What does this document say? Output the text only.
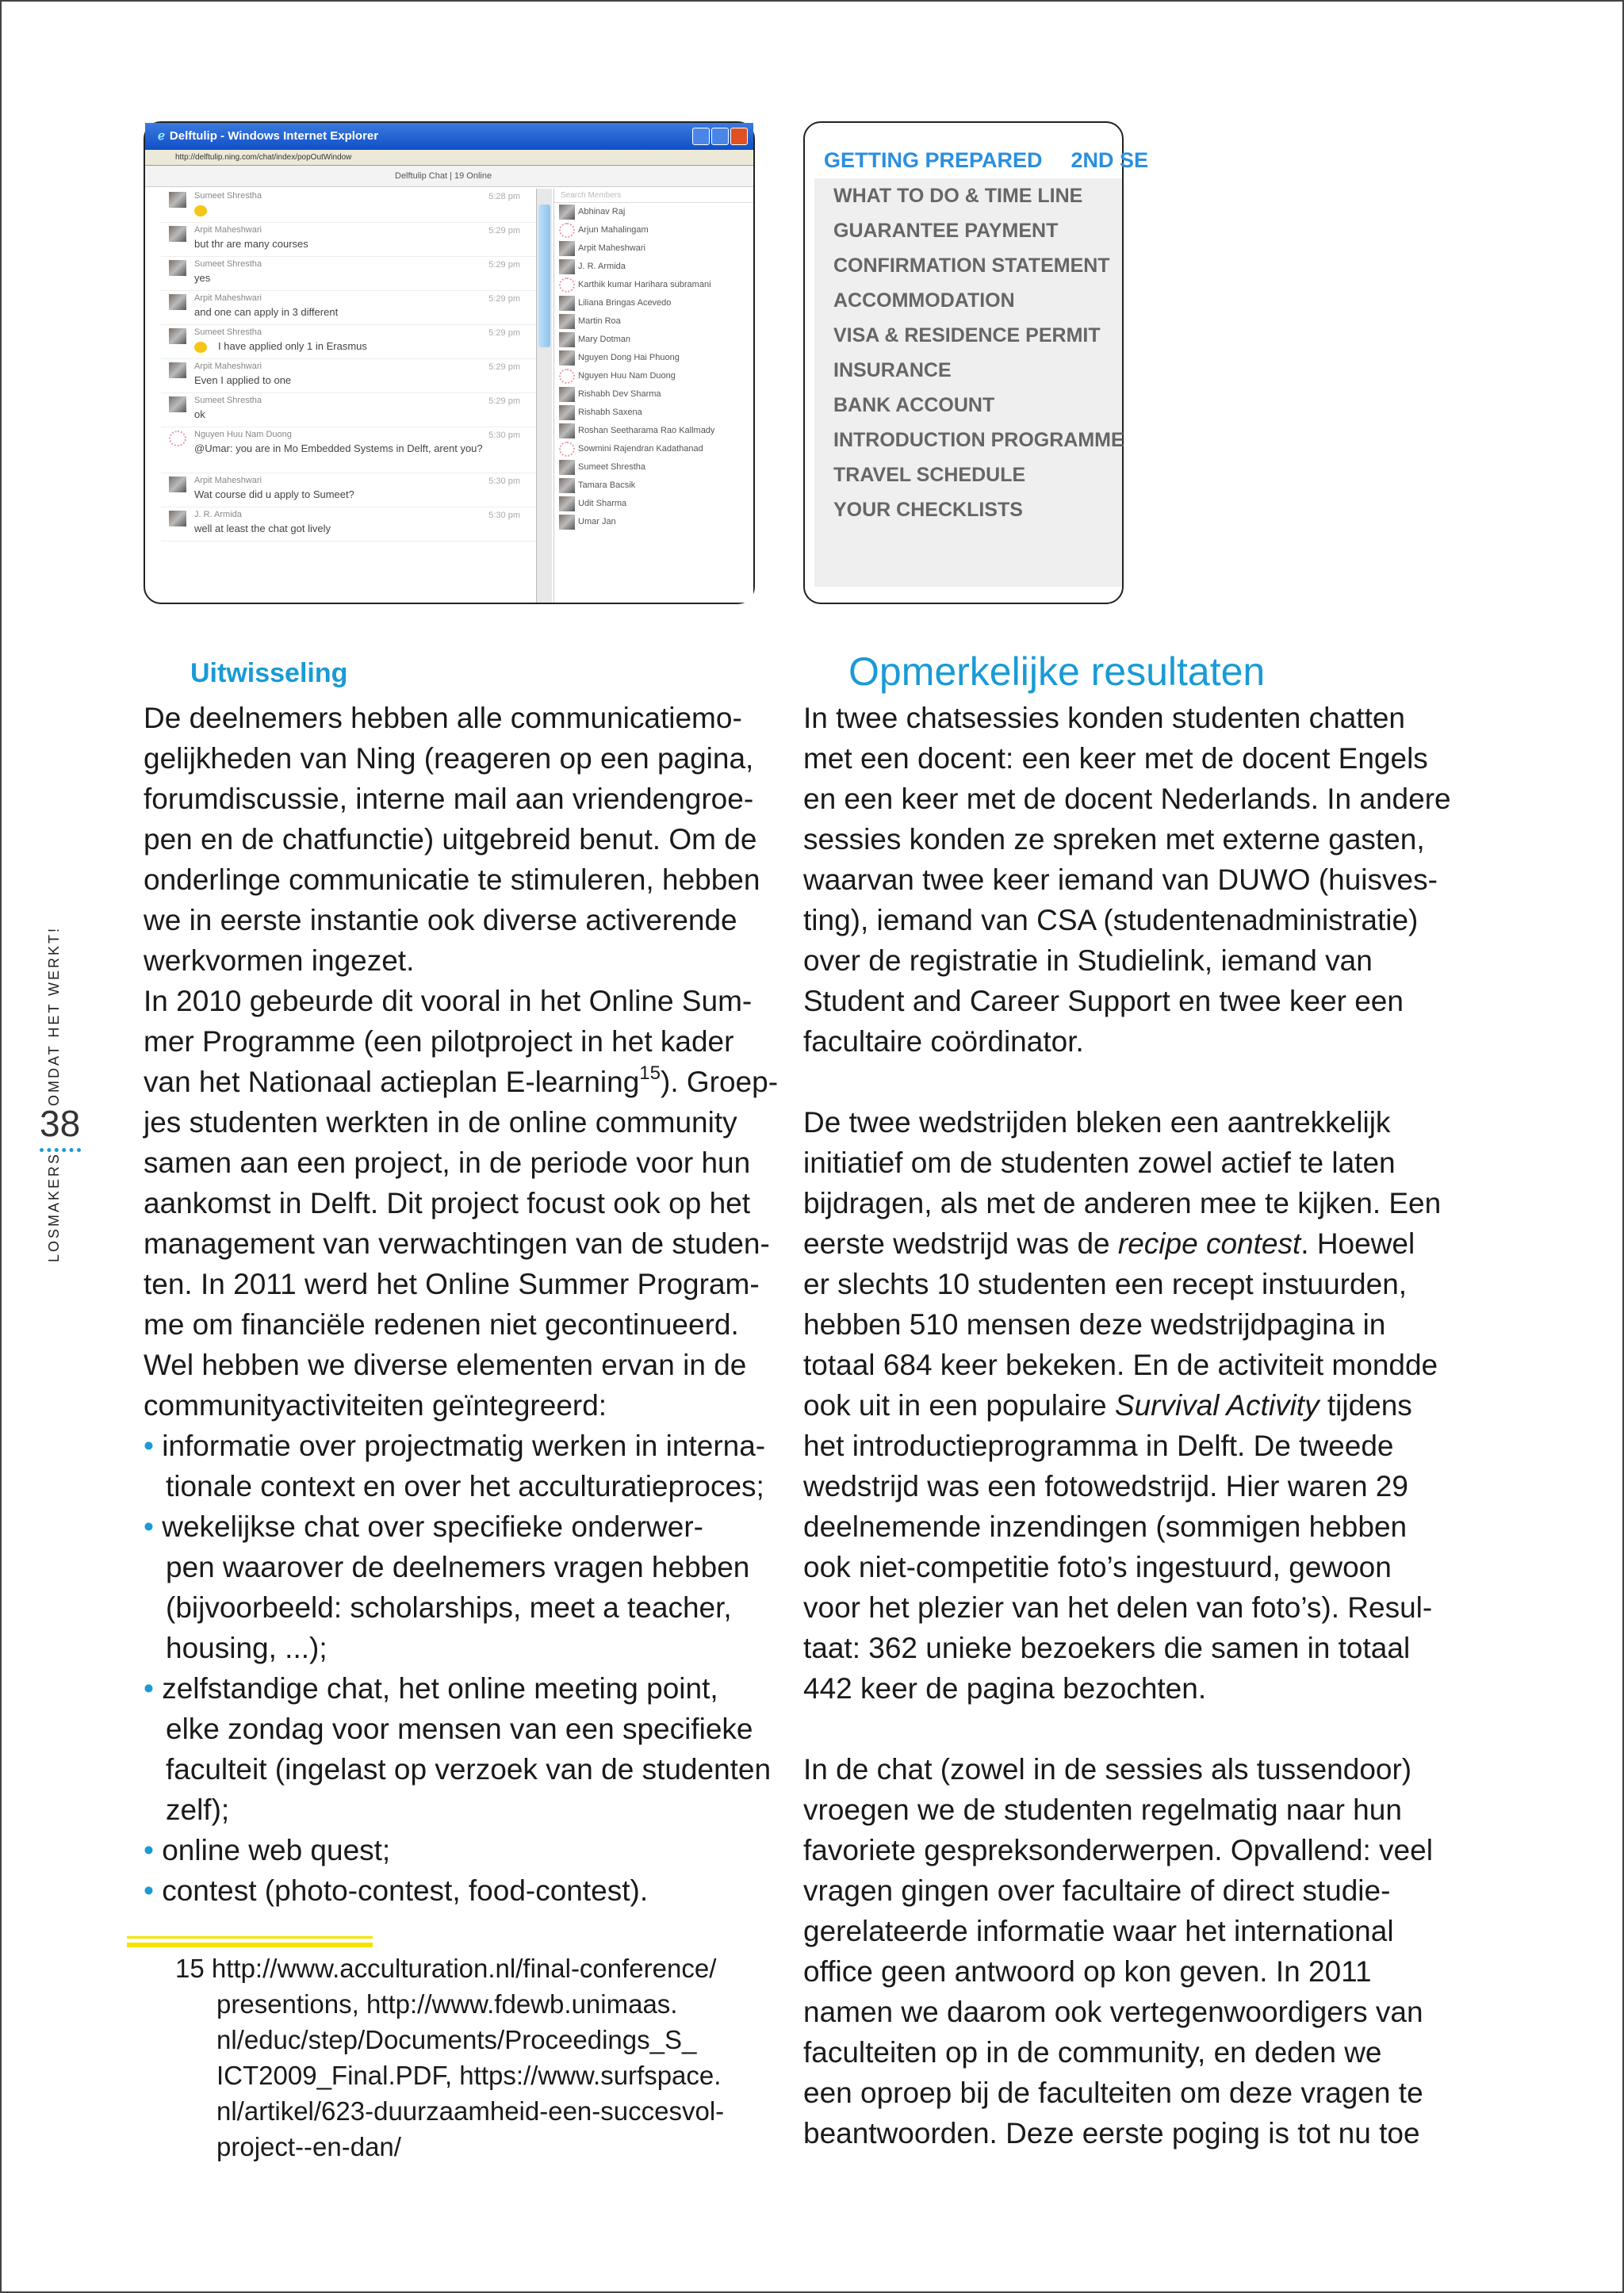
ℯ Delftulip - Windows Internet Explorer
http://delftulip.ning.com/chat/index/popOutWindow
Delftulip Chat | 19 Online
Sumeet Shrestha	5:28 pm
Arpit Maheshwari	5:29 pm
but thr are many courses
Sumeet Shrestha	5:29 pm
yes
Arpit Maheshwari	5:29 pm
and one can apply in 3 different
Sumeet Shrestha	5:29 pm
I have applied only 1 in Erasmus
Arpit Maheshwari	5:29 pm
Even I applied to one
Sumeet Shrestha	5:29 pm
ok
Nguyen Huu Nam Duong	5:30 pm
@Umar: you are in Mo Embedded Systems in Delft, arent you?
Arpit Maheshwari	5:30 pm
Wat course did u apply to Sumeet?
J. R. Armida	5:30 pm
well at least the chat got lively
Search Members
Abhinav Raj
Arjun Mahalingam
Arpit Maheshwari
J. R. Armida
Karthik kumar Harihara subramani
Liliana Bringas Acevedo
Martin Roa
Mary Dotman
Nguyen Dong Hai Phuong
Nguyen Huu Nam Duong
Rishabh Dev Sharma
Rishabh Saxena
Roshan Seetharama Rao Kallmady
Sowmini Rajendran Kadathanad
Sumeet Shrestha
Tamara Bacsik
Udit Sharma
Umar Jan
GETTING PREPARED 2ND SE
WHAT TO DO & TIME LINE
GUARANTEE PAYMENT
CONFIRMATION STATEMENT
ACCOMMODATION
VISA & RESIDENCE PERMIT
INSURANCE
BANK ACCOUNT
INTRODUCTION PROGRAMME
TRAVEL SCHEDULE
YOUR CHECKLISTS
OMDAT HET WERKT!
38
LOSMAKERS
Uitwisseling	Opmerkelijke resultaten
De deelnemers hebben alle communicatiemo-
gelijkheden van Ning (reageren op een pagina,
forumdiscussie, interne mail aan vriendengroe-
pen en de chatfunctie) uitgebreid benut. Om de
onderlinge communicatie te stimuleren, hebben
we in eerste instantie ook diverse activerende
werkvormen ingezet.
In 2010 gebeurde dit vooral in het Online Sum-
mer Programme (een pilotproject in het kader
van het Nationaal actieplan E-learning$^{15}$). Groep-
jes studenten werkten in de online community
samen aan een project, in de periode voor hun
aankomst in Delft. Dit project focust ook op het
management van verwachtingen van de studen-
ten. In 2011 werd het Online Summer Program-
me om financiële redenen niet gecontinueerd.
Wel hebben we diverse elementen ervan in de
communityactiviteiten geïntegreerd:
• informatie over projectmatig werken in interna-
tionale context en over het acculturatieproces;
• wekelijkse chat over specifieke onderwer-
pen waarover de deelnemers vragen hebben
(bijvoorbeeld: scholarships, meet a teacher,
housing, ...);
• zelfstandige chat, het online meeting point,
elke zondag voor mensen van een specifieke
faculteit (ingelast op verzoek van de studenten
zelf);
• online web quest;
• contest (photo-contest, food-contest).
In twee chatsessies konden studenten chatten
met een docent: een keer met de docent Engels
en een keer met de docent Nederlands. In andere
sessies konden ze spreken met externe gasten,
waarvan twee keer iemand van DUWO (huisves-
ting), iemand van CSA (studentenadministratie)
over de registratie in Studielink, iemand van
Student and Career Support en twee keer een
facultaire coördinator.
De twee wedstrijden bleken een aantrekkelijk
initiatief om de studenten zowel actief te laten
bijdragen, als met de anderen mee te kijken. Een
eerste wedstrijd was de recipe contest. Hoewel
er slechts 10 studenten een recept instuurden,
hebben 510 mensen deze wedstrijdpagina in
totaal 684 keer bekeken. En de activiteit mondde
ook uit in een populaire Survival Activity tijdens
het introductieprogramma in Delft. De tweede
wedstrijd was een fotowedstrijd. Hier waren 29
deelnemende inzendingen (sommigen hebben
ook niet-competitie foto’s ingestuurd, gewoon
voor het plezier van het delen van foto’s). Resul-
taat: 362 unieke bezoekers die samen in totaal
442 keer de pagina bezochten.
In de chat (zowel in de sessies als tussendoor)
vroegen we de studenten regelmatig naar hun
favoriete gespreksonderwerpen. Opvallend: veel
vragen gingen over facultaire of direct studie-
gerelateerde informatie waar het international
office geen antwoord op kon geven. In 2011
namen we daarom ook vertegenwoordigers van
faculteiten op in de community, en deden we
een oproep bij de faculteiten om deze vragen te
beantwoorden. Deze eerste poging is tot nu toe
15 http://www.acculturation.nl/final-conference/
presentions, http://www.fdewb.unimaas.
nl/educ/step/Documents/Proceedings_S_
ICT2009_Final.PDF, https://www.surfspace.
nl/artikel/623-duurzaamheid-een-succesvol-
project--en-dan/
